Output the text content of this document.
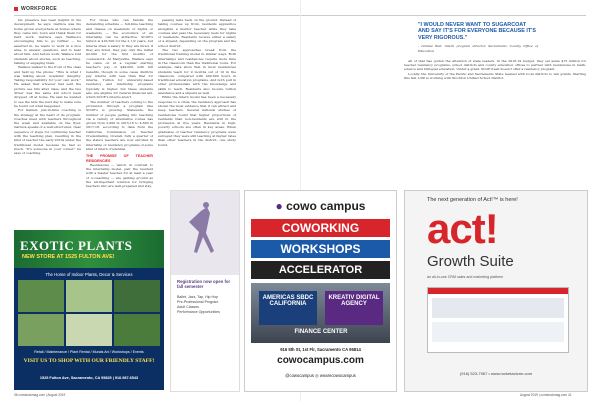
WORKFORCE

his presence has been helpful in his development, he says. Garnica was his home grown everywhere at homes where they came into town and thank them for hard work. Garnica says Wallace's encouraging him to go further — he asserted in, he wants to work in a nice area, to answer questions, and to hear about him. And before work, Wallace told students about stories, such as teaching, talking or engaging them.

Wallace walked to the front of the class and held up the phone: "This is what I was talking about. Academic integrity. Taking responsibility for your own work." He asked that whoever had sent the picture see him after class, and the bus driver was the same kid who'd been dropped off at home. He said he wanted to see the kids the next day to make sure he found out what happened.

For Delmet, just-in-time coaching is the strategy at the heart of its program. Coaches meet with teachers throughout the week and available on the flyer. Garnica speaks of a well-structured, clear sequence of steps for continuing teacher with the teaching plan, resulting in the kind of teacher the early 2010s under the traditional model because he had so much. "It's someone in your corner," he says of coaching.

For those who can handle the demanding schedule — full-time teaching and classes on weekends or nights or weekends — the economics of an internship can be attractive. SCOE's tuition is $16,500 for the 2 1/2 years, but interns draw a salary. If they are hired, if they are hired, they pay only the initial $2,000 for the first months of coursework. At Marysville, Wallace says he came on at a regular starting teacher's pay of $49,000 with full benefits, though in some cases districts pay interns with less than that for interns. Tuition for university-based residency and internship programs typically is higher, but these students also are eligible for federal financial aid, which SCOE's interns aren't.

The number of teachers coming to the profession through a program like SCOE's is growing. Statewide, the number of people getting into teaching via a variety of alternative routes has grown from 2,800 in 2015-16 to 4,600 in 2017-18, according to data from the California Commission on Teacher Credentialing. Overall, fully a quarter of the state's teachers are now enrolled in internship or residency programs of some kind of intern credential.

THE PROMISE OF TEACHER RESIDENCIES

Residencies — which, in contrast to the internship model, pair the resident with a master teacher for at least a year of co-teaching — are gaining ground as the all-important solution for bringing teachers who are well-prepared and stay.

passing tests back on the ground. Instead of taking courses up front, residents apprentice alongside a mentor teacher while they take courses and pass the necessary tests for nights or weekends. Residents receive either a salary or a stipend, depending on the program and the school district.

The two approaches break from the traditional training model in similar ways. Both internships and residencies require more time in the classroom than the traditional route. For example, data show that in most residencies students teach for 9 months out of 10 in the classroom, compared with 400-600 hours in traditional education programs. And both pull in older professionals with the knowledge and skills to teach. Residents also receive tuition assistance and a stipend as well.

While the intern model has been a necessary response to a crisis, the residency approach has shown the most evidence that it can attract and keep teachers. Several national studies of residencies found that higher proportions of residents than non-residents are still in the profession at five years. Residents in high-poverty schools are often in key areas. When graduates of teacher residency programs were surveyed they were still teaching at higher rates than other teachers in the district, one study found.

"I WOULD NEVER WANT TO SUGARCOAT AND SAY IT'S FOR EVERYONE BECAUSE IT'S VERY RIGOROUS."
- Lindsie Bell, intern program director, Sacramento County Office of Education

All of that has gotten the attention of state leaders. In the 2018-19 budget, they set aside $75 million for teacher residency programs, school districts and county education offices to partner with residencies in math, science and bilingual education. Under a grant, SCOE itself doesn't offer a residency program.

Locally, the University of the Pacific and Sacramento State teamed with local districts to win grants. Starting this fall, UOP is working with Stockton Unified School District.

EXOTIC PLANTS
NEW STORE AT 1525 FULTON AVE!
The Home of Indoor Plants, Decor & Services
Retail / Maintenance / Plant Rental / Murals Art / Workshops / Events
VISIT US TO SHOP WITH OUR FRIENDLY STAFF!
1525 Fulton Ave, Sacramento, CA 95825 | 916.987.6543
Registration now open for fall semester
Ballet, Jazz, Tap, Hip Hop
Pre-Professional Program
Adult Classes
Performance Opportunities
● cowo campus
COWORKING
WORKSHOPS
ACCELERATOR
AMERICAS SBDC CALIFORNIA
KREATIV DIGITAL AGENCY
FINANCE CENTER
916 5th St, 1st Flr, Sacramento CA 95814
cowocampus.com
@cowocampus ◎ wearecowocampus
The next generation of Act!™ is here!
act!
Growth Suite
an all-in-one CRM sales and marketing platform
(916) 523-7967 • www.rocketactcrm.com
36 comstockmag.com | August 2019	August 2019 | comstockmag.com 41
